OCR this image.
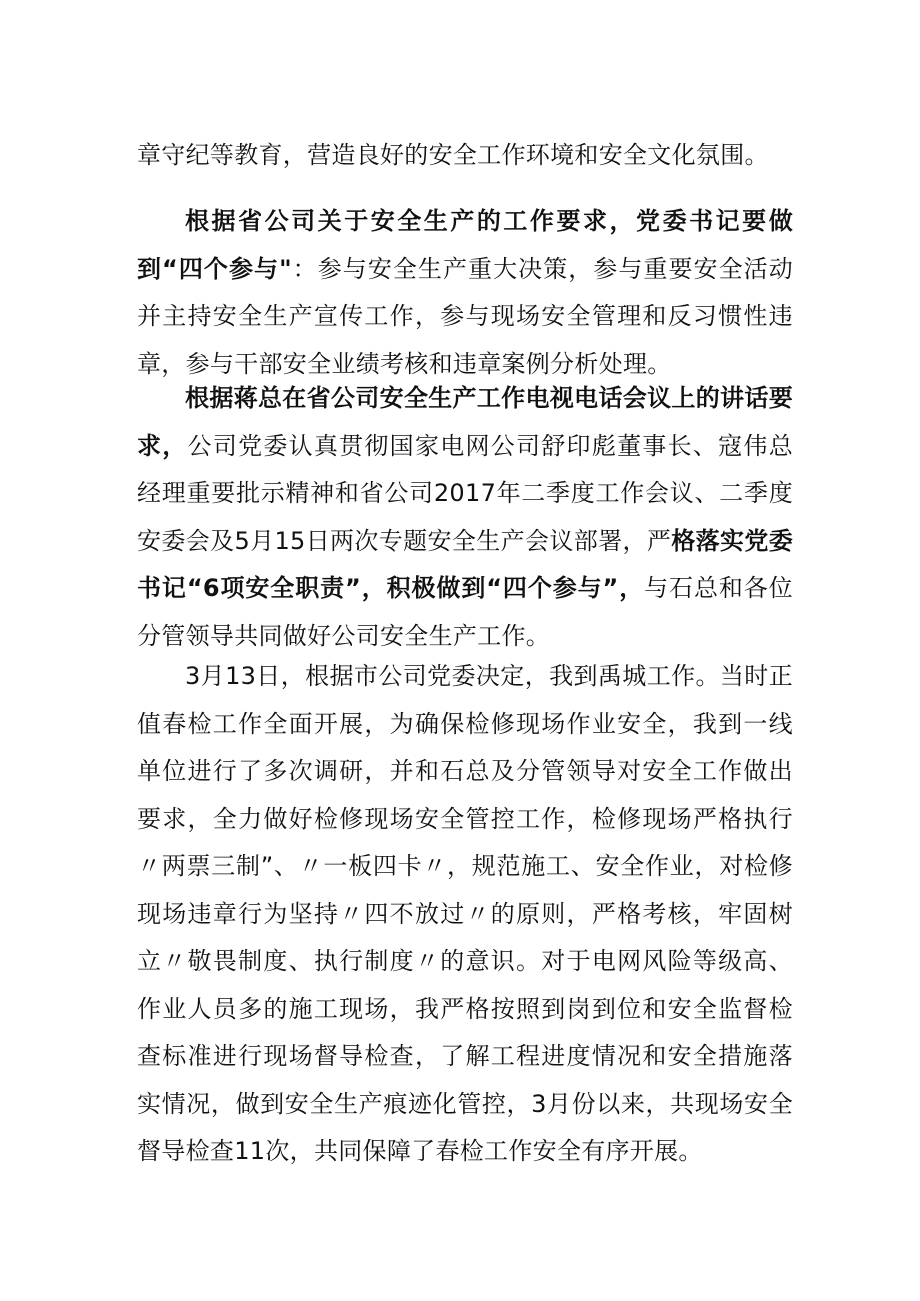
章守纪等教育，营造良好的安全工作环境和安全文化氛围。

根据省公司关于安全生产的工作要求，党委书记要做到“四个参与"：参与安全生产重大决策，参与重要安全活动并主持安全生产宣传工作，参与现场安全管理和反习惯性违章，参与干部安全业绩考核和违章案例分析处理。

根据蒋总在省公司安全生产工作电视电话会议上的讲话要求，公司党委认真贯彻国家电网公司舒印彪董事长、寇伟总经理重要批示精神和省公司2017年二季度工作会议、二季度安委会及5月15日两次专题安全生产会议部署，严格落实党委书记“6项安全职责”，积极做到“四个参与”，与石总和各位分管领导共同做好公司安全生产工作。

3月13日，根据市公司党委决定，我到禹城工作。当时正值春检工作全面开展，为确保检修现场作业安全，我到一线单位进行了多次调研，并和石总及分管领导对安全工作做出要求，全力做好检修现场安全管控工作，检修现场严格执行〃两票三制”、〃一板四卡〃，规范施工、安全作业，对检修现场违章行为坚持〃四不放过〃的原则，严格考核，牢固树立〃敬畏制度、执行制度〃的意识。对于电网风险等级高、作业人员多的施工现场，我严格按照到岗到位和安全监督检查标准进行现场督导检查，了解工程进度情况和安全措施落实情况，做到安全生产痕迹化管控，3月份以来，共现场安全督导检查11次，共同保障了春检工作安全有序开展。
